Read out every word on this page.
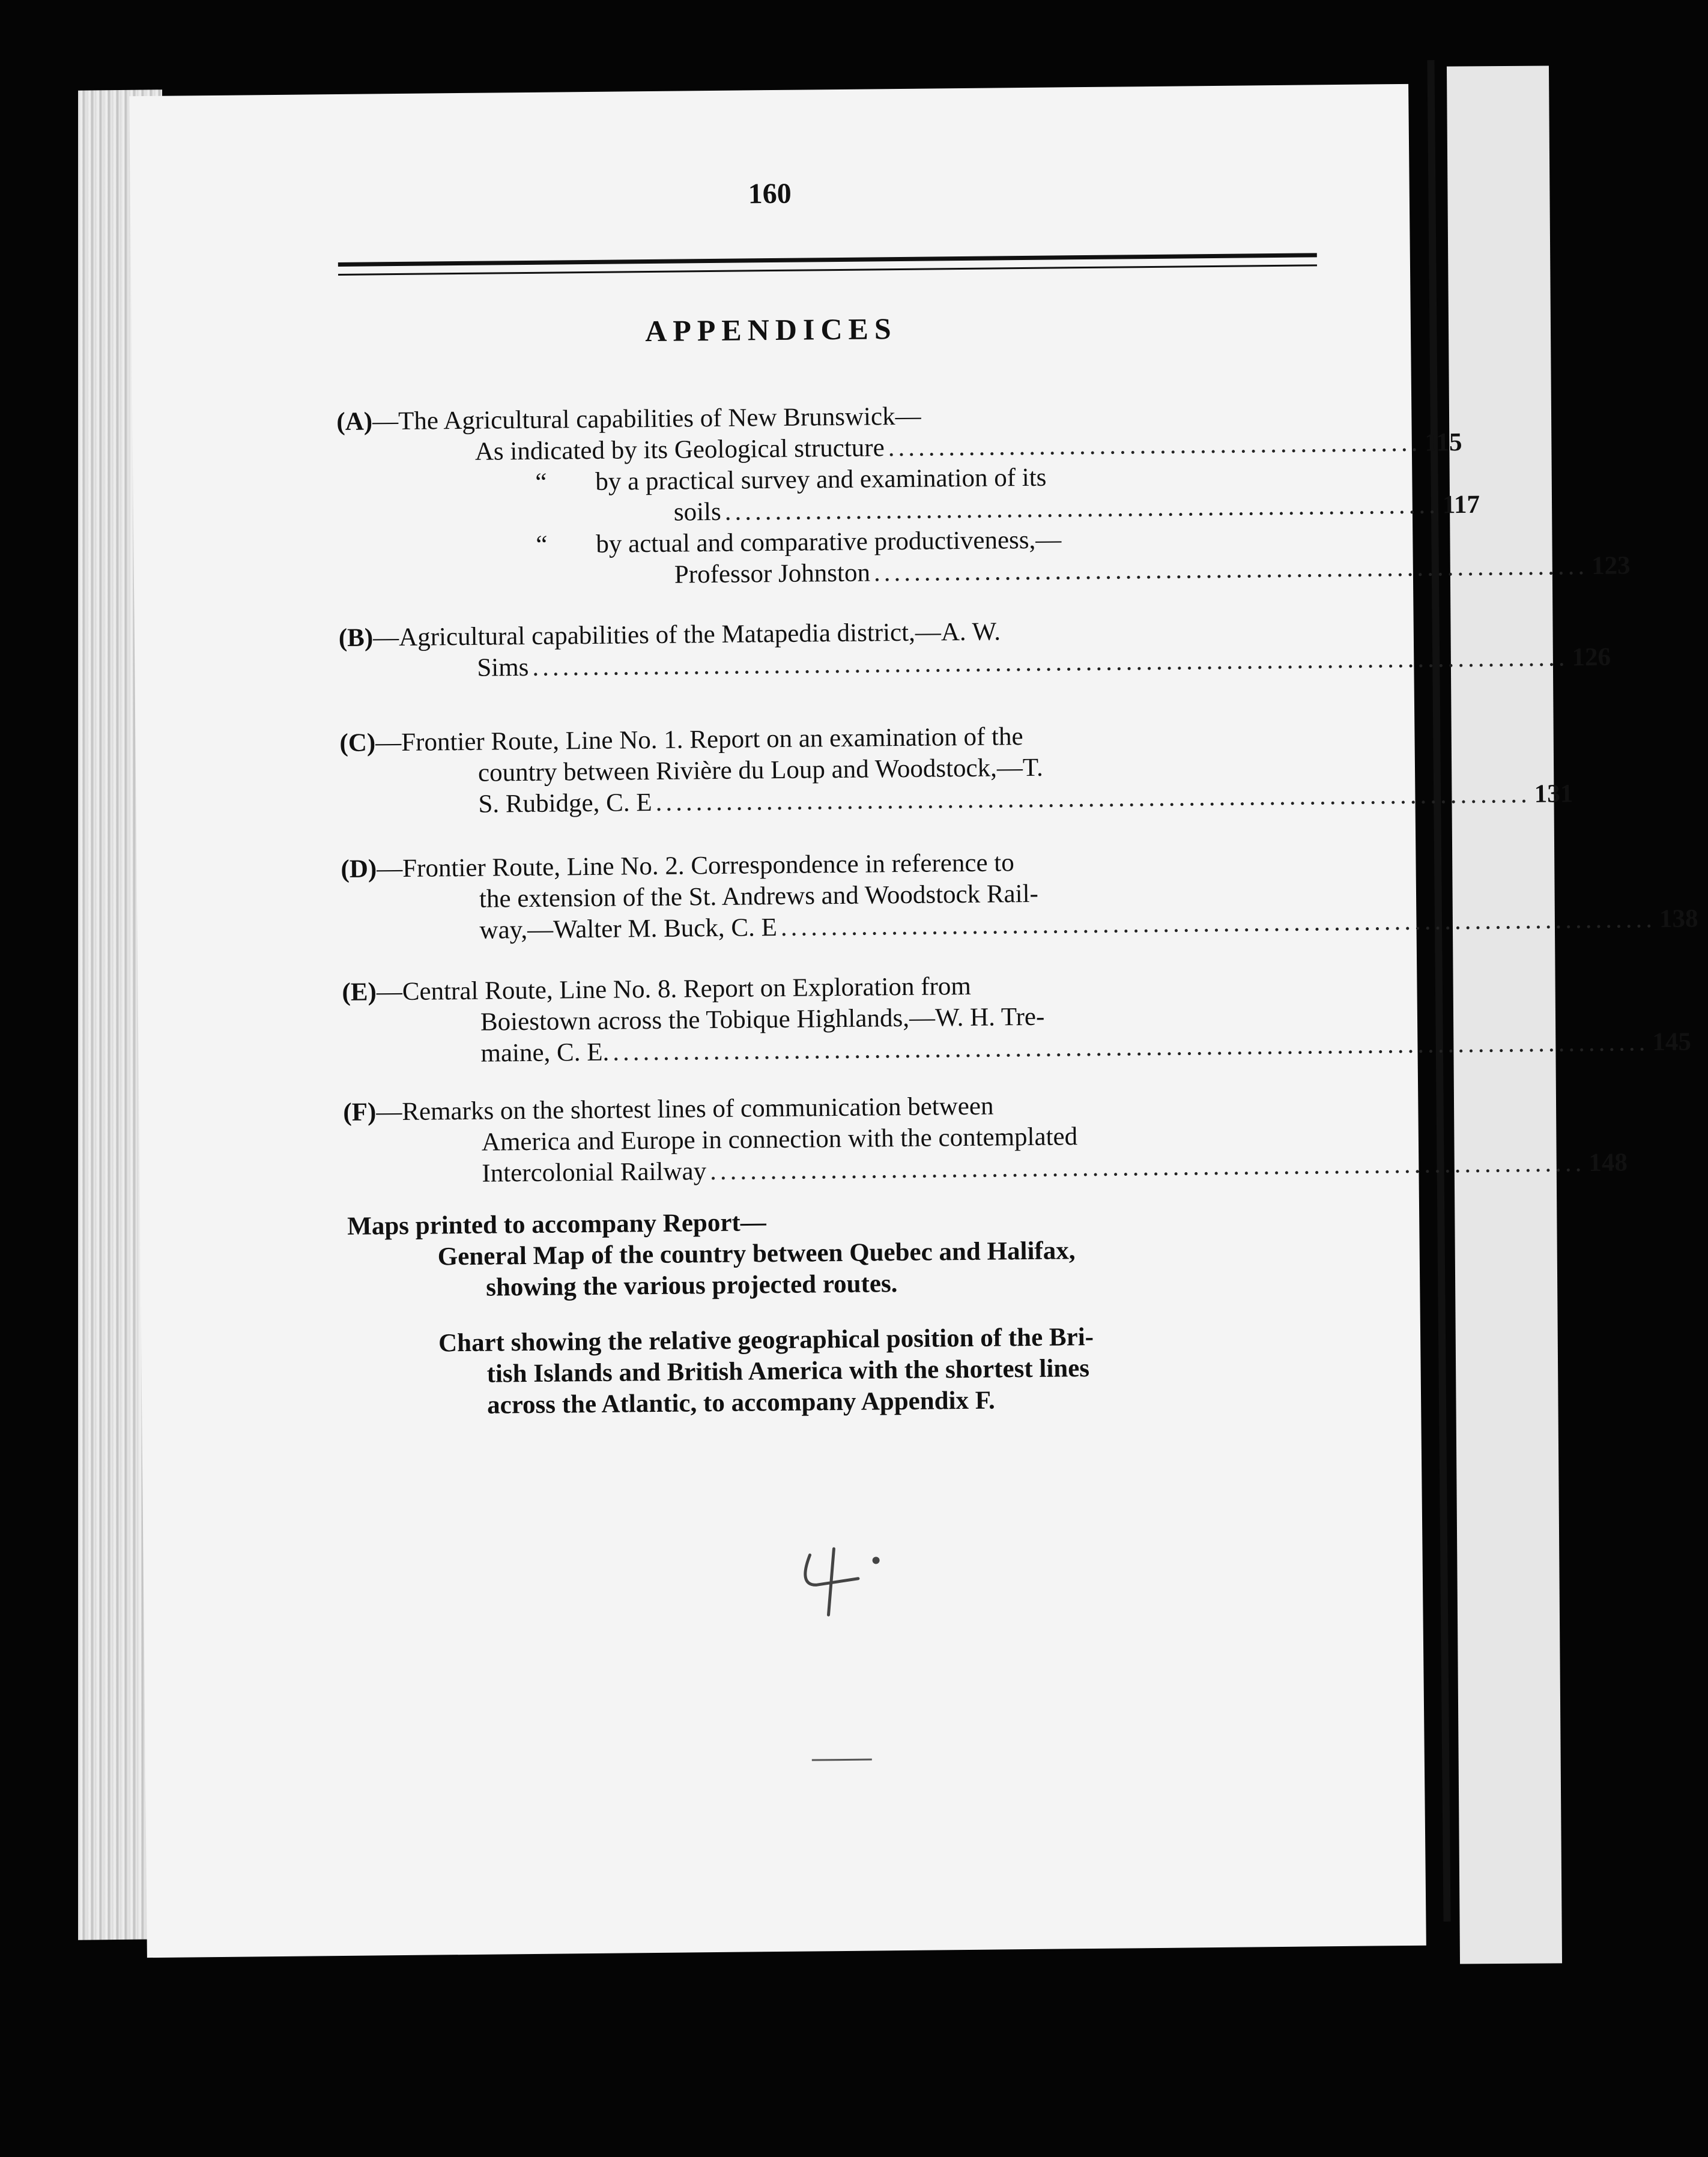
160
APPENDICES
(A)—The Agricultural capabilities of New Brunswick—
As indicated by its Geological structure ..................................................... 115
“	by a practical survey and examination of its
soils ....................................................................... 117
“	by actual and comparative productiveness,—
Professor Johnston ....................................................................... 123
(B)—Agricultural capabilities of the Matapedia district,—A. W.
Sims ....................................................................................................... 126
(C)—Frontier Route, Line No. 1. Report on an examination of the
country between Rivière du Loup and Woodstock,—T.
S. Rubidge, C. E ....................................................................................... 131
(D)—Frontier Route, Line No. 2. Correspondence in reference to
the extension of the St. Andrews and Woodstock Rail-
way,—Walter M. Buck, C. E ....................................................................................... 138
(E)—Central Route, Line No. 8. Report on Exploration from
Boiestown across the Tobique Highlands,—W. H. Tre-
maine, C. E. ....................................................................................................... 145
(F)—Remarks on the shortest lines of communication between
America and Europe in connection with the contemplated
Intercolonial Railway ....................................................................................... 148
Maps printed to accompany Report—
General Map of the country between Quebec and Halifax,
showing the various projected routes.
Chart showing the relative geographical position of the Bri-
tish Islands and British America with the shortest lines
across the Atlantic, to accompany Appendix F.
